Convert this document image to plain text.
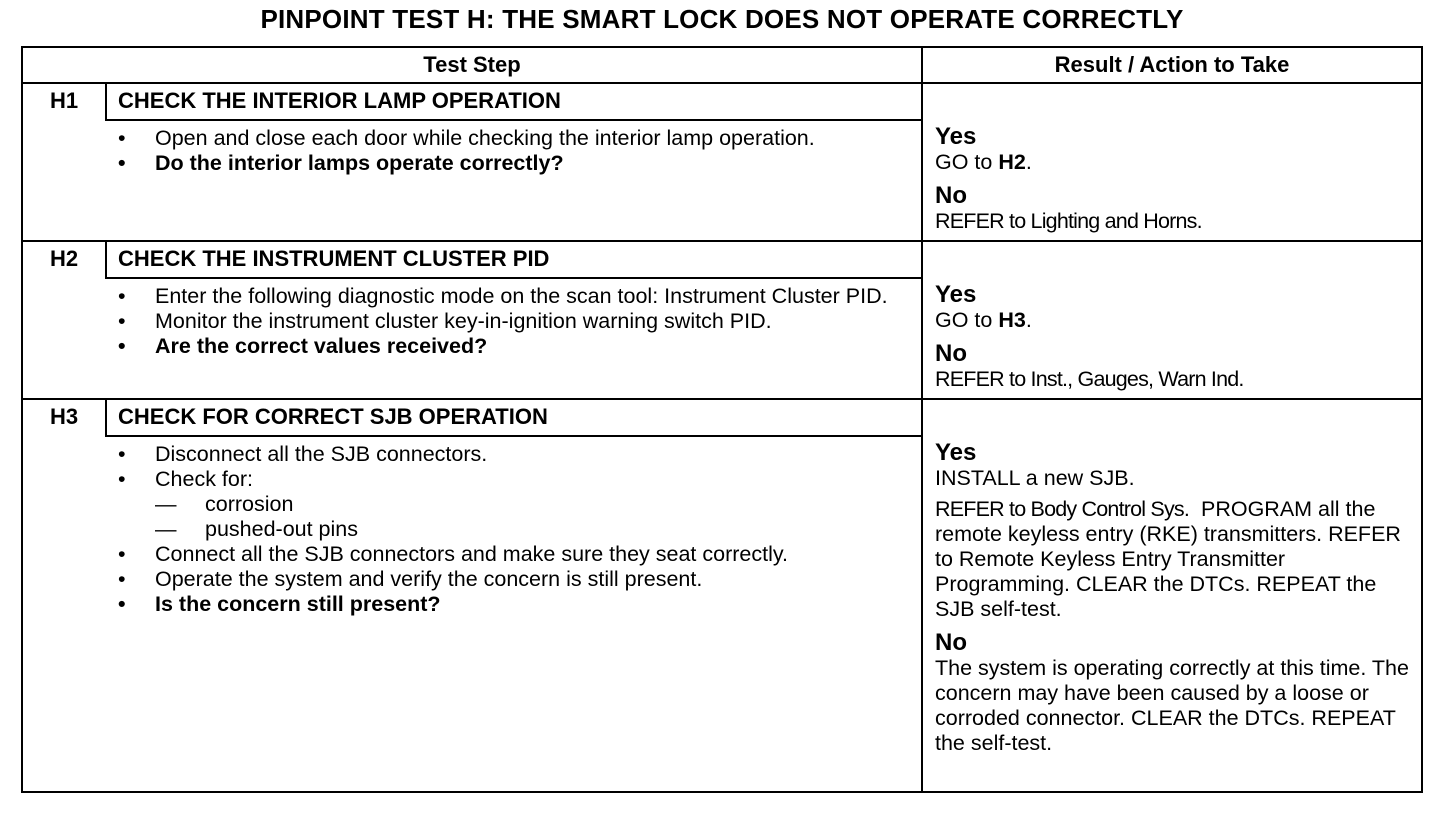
PINPOINT TEST H: THE SMART LOCK DOES NOT OPERATE CORRECTLY
Test Step	Result / Action to Take
H1	CHECK THE INTERIOR LAMP OPERATION
• Open and close each door while checking the interior lamp operation.
• Do the interior lamps operate correctly?
Yes
GO to H2.
No
REFER to Lighting and Horns.
H2	CHECK THE INSTRUMENT CLUSTER PID
• Enter the following diagnostic mode on the scan tool: Instrument Cluster PID.
• Monitor the instrument cluster key-in-ignition warning switch PID.
• Are the correct values received?
Yes
GO to H3.
No
REFER to Inst., Gauges, Warn Ind.
H3	CHECK FOR CORRECT SJB OPERATION
• Disconnect all the SJB connectors.
• Check for:
— corrosion
— pushed-out pins
• Connect all the SJB connectors and make sure they seat correctly.
• Operate the system and verify the concern is still present.
• Is the concern still present?
Yes
INSTALL a new SJB.
REFER to Body Control Sys. PROGRAM all the remote keyless entry (RKE) transmitters. REFER to Remote Keyless Entry Transmitter Programming. CLEAR the DTCs. REPEAT the SJB self-test.
No
The system is operating correctly at this time. The concern may have been caused by a loose or corroded connector. CLEAR the DTCs. REPEAT the self-test.
